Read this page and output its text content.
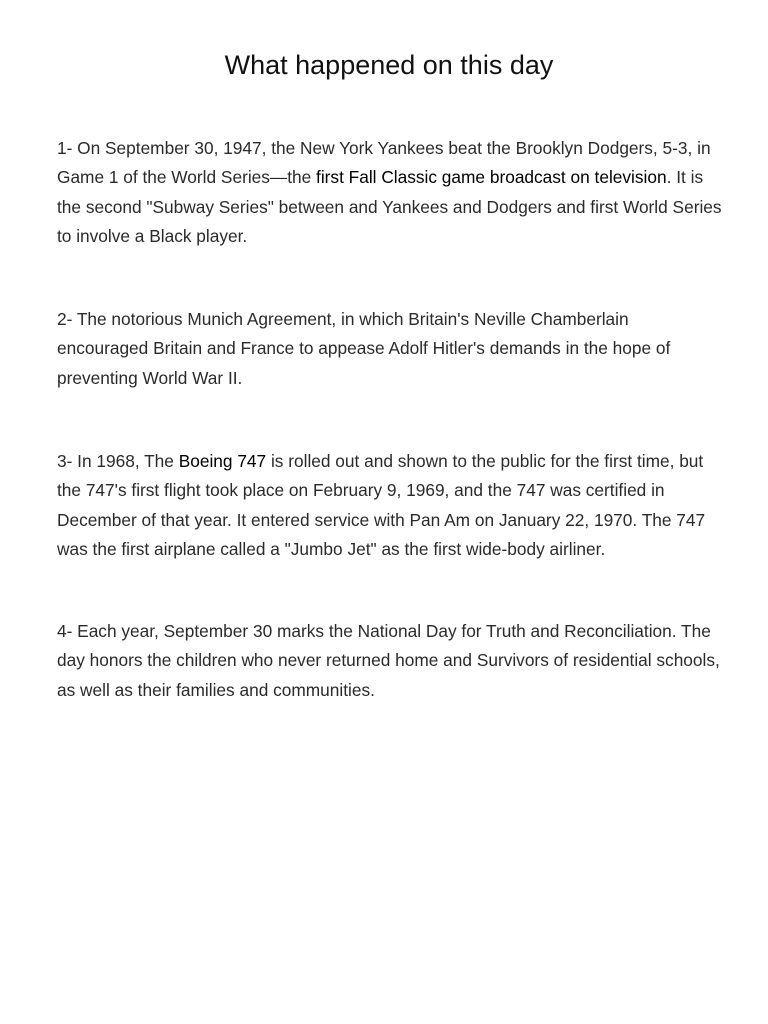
What happened on this day

1- On September 30, 1947, the New York Yankees beat the Brooklyn Dodgers, 5-3, in Game 1 of the World Series—the first Fall Classic game broadcast on television. It is the second "Subway Series" between and Yankees and Dodgers and first World Series to involve a Black player.

2- The notorious Munich Agreement, in which Britain's Neville Chamberlain encouraged Britain and France to appease Adolf Hitler's demands in the hope of preventing World War II.

3- In 1968, The Boeing 747 is rolled out and shown to the public for the first time, but the 747's first flight took place on February 9, 1969, and the 747 was certified in December of that year. It entered service with Pan Am on January 22, 1970. The 747 was the first airplane called a "Jumbo Jet" as the first wide-body airliner.

4- Each year, September 30 marks the National Day for Truth and Reconciliation. The day honors the children who never returned home and Survivors of residential schools, as well as their families and communities.
